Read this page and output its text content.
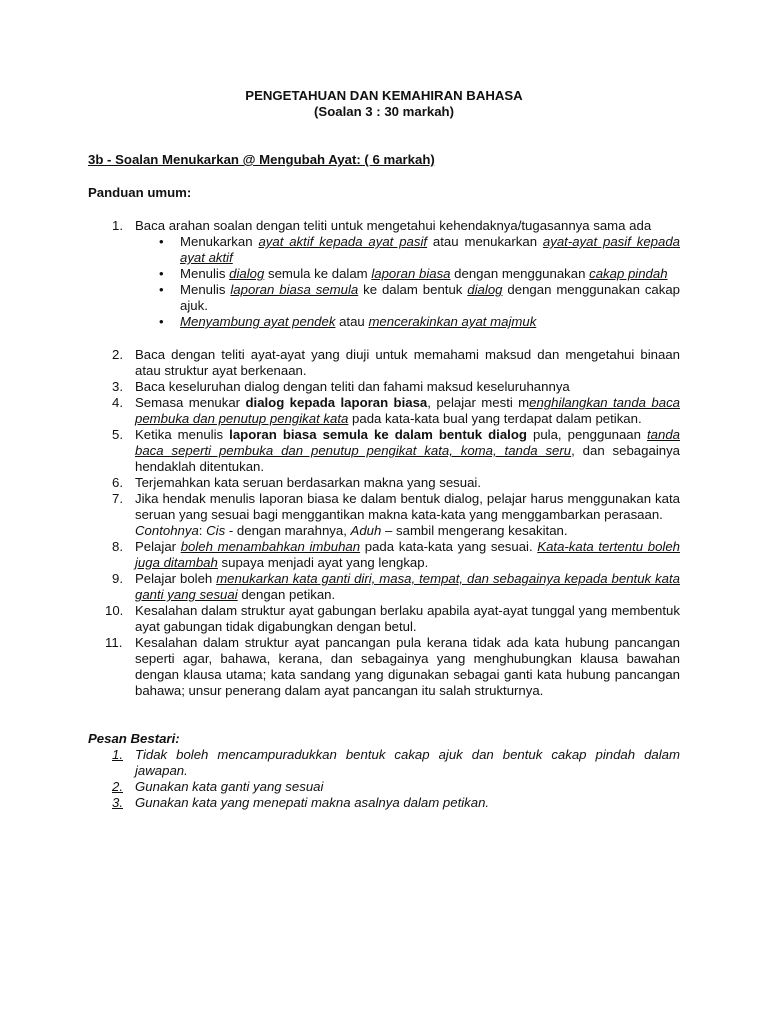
PENGETAHUAN DAN KEMAHIRAN BAHASA
(Soalan 3 : 30 markah)
3b - Soalan Menukarkan @ Mengubah Ayat: ( 6 markah)
Panduan umum:
1. Baca arahan soalan dengan teliti untuk mengetahui kehendaknya/tugasannya sama ada
• Menukarkan ayat aktif kepada ayat pasif atau menukarkan ayat-ayat pasif kepada ayat aktif
• Menulis dialog semula ke dalam laporan biasa dengan menggunakan cakap pindah
• Menulis laporan biasa semula ke dalam bentuk dialog dengan menggunakan cakap ajuk.
• Menyambung ayat pendek atau mencerakinkan ayat majmuk
2. Baca dengan teliti ayat-ayat yang diuji untuk memahami maksud dan mengetahui binaan atau struktur ayat berkenaan.
3. Baca keseluruhan dialog dengan teliti dan fahami maksud keseluruhannya
4. Semasa menukar dialog kepada laporan biasa, pelajar mesti menghilangkan tanda baca pembuka dan penutup pengikat kata pada kata-kata bual yang terdapat dalam petikan.
5. Ketika menulis laporan biasa semula ke dalam bentuk dialog pula, penggunaan tanda baca seperti pembuka dan penutup pengikat kata, koma, tanda seru, dan sebagainya hendaklah ditentukan.
6. Terjemahkan kata seruan berdasarkan makna yang sesuai.
7. Jika hendak menulis laporan biasa ke dalam bentuk dialog, pelajar harus menggunakan kata seruan yang sesuai bagi menggantikan makna kata-kata yang menggambarkan perasaan.
Contohnya: Cis - dengan marahnya, Aduh – sambil mengerang kesakitan.
8. Pelajar boleh menambahkan imbuhan pada kata-kata yang sesuai. Kata-kata tertentu boleh juga ditambah supaya menjadi ayat yang lengkap.
9. Pelajar boleh menukarkan kata ganti diri, masa, tempat, dan sebagainya kepada bentuk kata ganti yang sesuai dengan petikan.
10. Kesalahan dalam struktur ayat gabungan berlaku apabila ayat-ayat tunggal yang membentuk ayat gabungan tidak digabungkan dengan betul.
11. Kesalahan dalam struktur ayat pancangan pula kerana tidak ada kata hubung pancangan seperti agar, bahawa, kerana, dan sebagainya yang menghubungkan klausa bawahan dengan klausa utama; kata sandang yang digunakan sebagai ganti kata hubung pancangan bahawa; unsur penerang dalam ayat pancangan itu salah strukturnya.
Pesan Bestari:
1. Tidak boleh mencampuradukkan bentuk cakap ajuk dan bentuk cakap pindah dalam jawapan.
2. Gunakan kata ganti yang sesuai
3. Gunakan kata yang menepati makna asalnya dalam petikan.
